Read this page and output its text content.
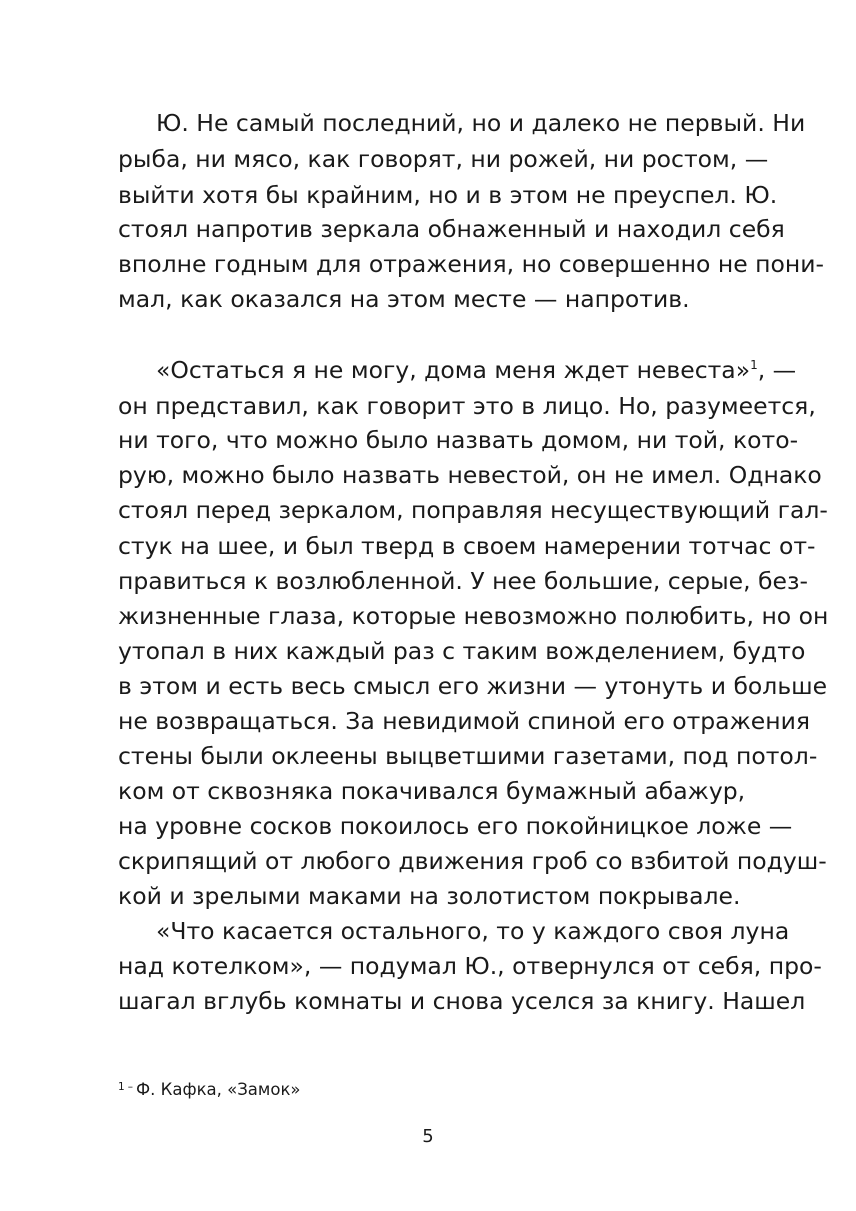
Ю. Не самый последний, но и далеко не первый. Ни
рыба, ни мясо, как говорят, ни рожей, ни ростом, —
выйти хотя бы крайним, но и в этом не преуспел. Ю.
стоял напротив зеркала обнаженный и находил себя
вполне годным для отражения, но совершенно не пони-
мал, как оказался на этом месте — напротив.
«Остаться я не могу, дома меня ждет невеста»$^1$, —
он представил, как говорит это в лицо. Но, разумеется,
ни того, что можно было назвать домом, ни той, кото-
рую, можно было назвать невестой, он не имел. Однако
стоял перед зеркалом, поправляя несуществующий гал-
стук на шее, и был тверд в своем намерении тотчас от-
правиться к возлюбленной. У нее большие, серые, без-
жизненные глаза, которые невозможно полюбить, но он
утопал в них каждый раз с таким вожделением, будто
в этом и есть весь смысл его жизни — утонуть и больше
не возвращаться. За невидимой спиной его отражения
стены были оклеены выцветшими газетами, под потол-
ком от сквозняка покачивался бумажный абажур,
на уровне сосков покоилось его покойницкое ложе —
скрипящий от любого движения гроб со взбитой подуш-
кой и зрелыми маками на золотистом покрывале.
«Что касается остального, то у каждого своя луна
над котелком», — подумал Ю., отвернулся от себя, про-
шагал вглубь комнаты и снова уселся за книгу. Нашел
$^1$ – Ф. Кафка, «Замок»
5
